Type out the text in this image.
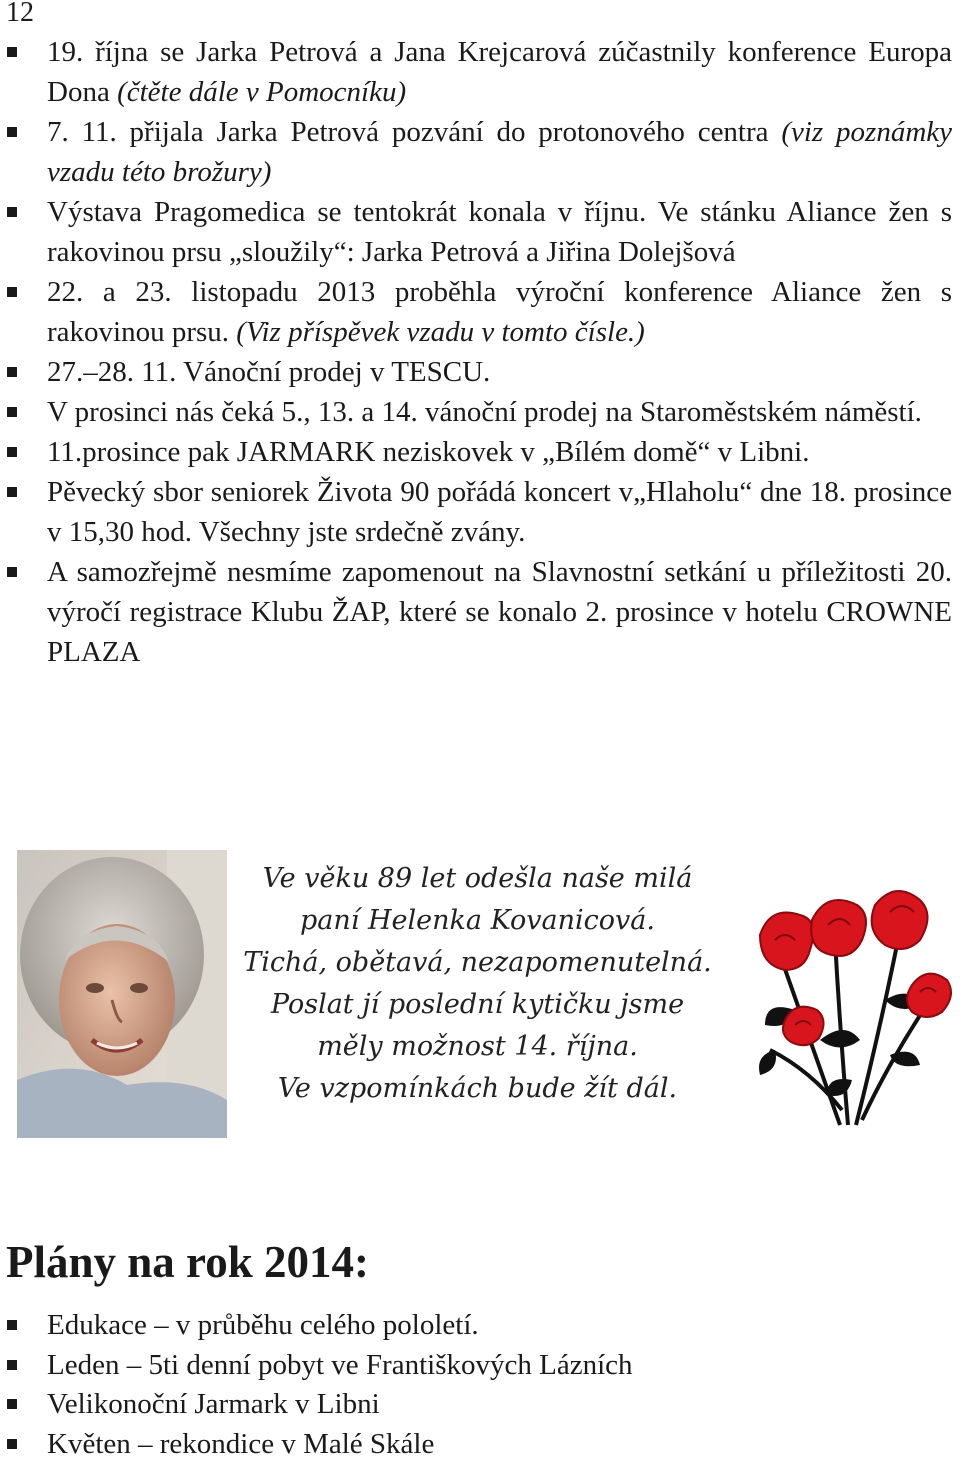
12
19. října se Jarka Petrová a Jana Krejcarová zúčastnily konference Europa Dona (čtěte dále v Pomocníku)
7. 11. přijala Jarka Petrová pozvání do protonového centra (viz poznámky vzadu této brožury)
Výstava Pragomedica se tentokrát konala v říjnu. Ve stánku Aliance žen s rakovinou prsu „sloužily“: Jarka Petrová a Jiřina Dolejšová
22. a 23. listopadu 2013 proběhla výroční konference Aliance žen s rakovinou prsu. (Viz příspěvek vzadu v tomto čísle.)
27.–28. 11. Vánoční prodej v TESCU.
V prosinci nás čeká 5., 13. a 14. vánoční prodej na Staroměstském náměstí.
11.prosince pak JARMARK neziskovek v „Bílém domě“ v Libni.
Pěvecký sbor seniorek Života 90 pořádá koncert v„Hlaholu“ dne 18. prosince v 15,30 hod. Všechny jste srdečně zvány.
A samozřejmě nesmíme zapomenout na Slavnostní setkání u příležitosti 20. výročí registrace Klubu ŽAP, které se konalo 2. prosince v hotelu CROWNE PLAZA
Ve věku 89 let odešla naše milá
paní Helenka Kovanicová.
Tichá, obětavá, nezapomenutelná.
Poslat jí poslední kytičku jsme
měly možnost 14. října.
Ve vzpomínkách bude žít dál.
Plány na rok 2014:
Edukace – v průběhu celého pololetí.
Leden – 5ti denní pobyt ve Františkových Lázních
Velikonoční Jarmark v Libni
Květen – rekondice v Malé Skále
